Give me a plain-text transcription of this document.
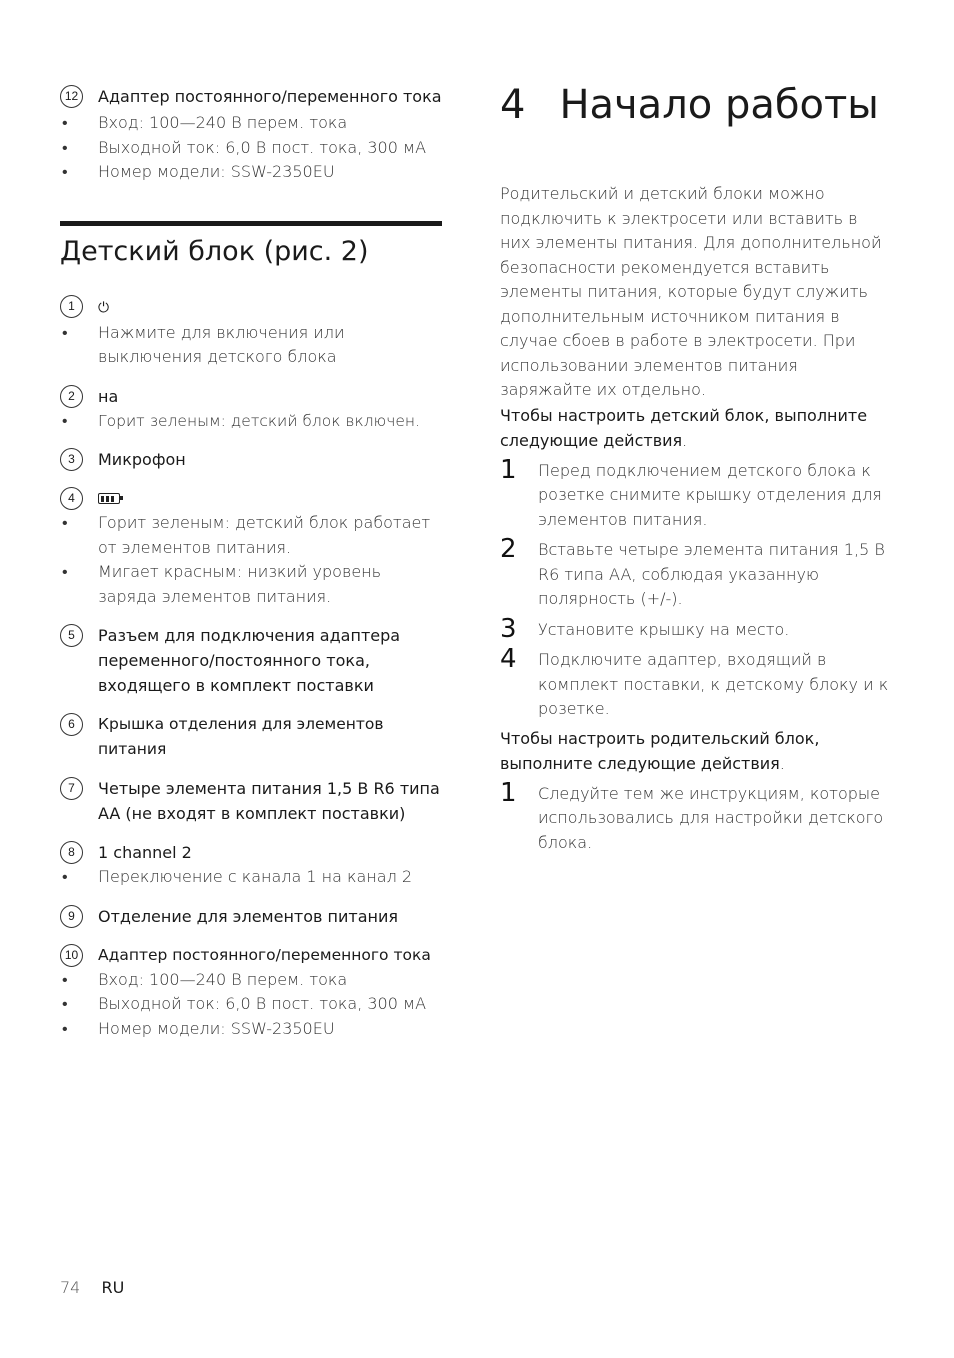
12	Адаптер постоянного/переменного тока
• Вход: 100—240 В перем. тока
• Выходной ток: 6,0 В пост. тока, 300 мА
• Номер модели: SSW-2350EU
Детский блок (рис. 2)
1	⏻
• Нажмите для включения или выключения детского блока
2	на
• Горит зеленым: детский блок включен.
3	Микрофон
4
• Горит зеленым: детский блок работает от элементов питания.
• Мигает красным: низкий уровень заряда элементов питания.
5	Разъем для подключения адаптера переменного/постоянного тока, входящего в комплект поставки
6	Крышка отделения для элементов питания
7	Четыре элемента питания 1,5 В R6 типа AA (не входят в комплект поставки)
8	1 channel 2
• Переключение с канала 1 на канал 2
9	Отделение для элементов питания
10	Адаптер постоянного/переменного тока
• Вход: 100—240 В перем. тока
• Выходной ток: 6,0 В пост. тока, 300 мА
• Номер модели: SSW-2350EU
4 Начало работы

Родительский и детский блоки можно подключить к электросети или вставить в них элементы питания. Для дополнительной безопасности рекомендуется вставить элементы питания, которые будут служить дополнительным источником питания в случае сбоев в работе в электросети. При использовании элементов питания заряжайте их отдельно.

Чтобы настроить детский блок, выполните следующие действия.

1 Перед подключением детского блока к розетке снимите крышку отделения для элементов питания.
2 Вставьте четыре элемента питания 1,5 В R6 типа AA, соблюдая указанную полярность (+/-).
3 Установите крышку на место.
4 Подключите адаптер, входящий в комплект поставки, к детскому блоку и к розетке.

Чтобы настроить родительский блок, выполните следующие действия.

1 Следуйте тем же инструкциям, которые использовались для настройки детского блока.
74 RU
